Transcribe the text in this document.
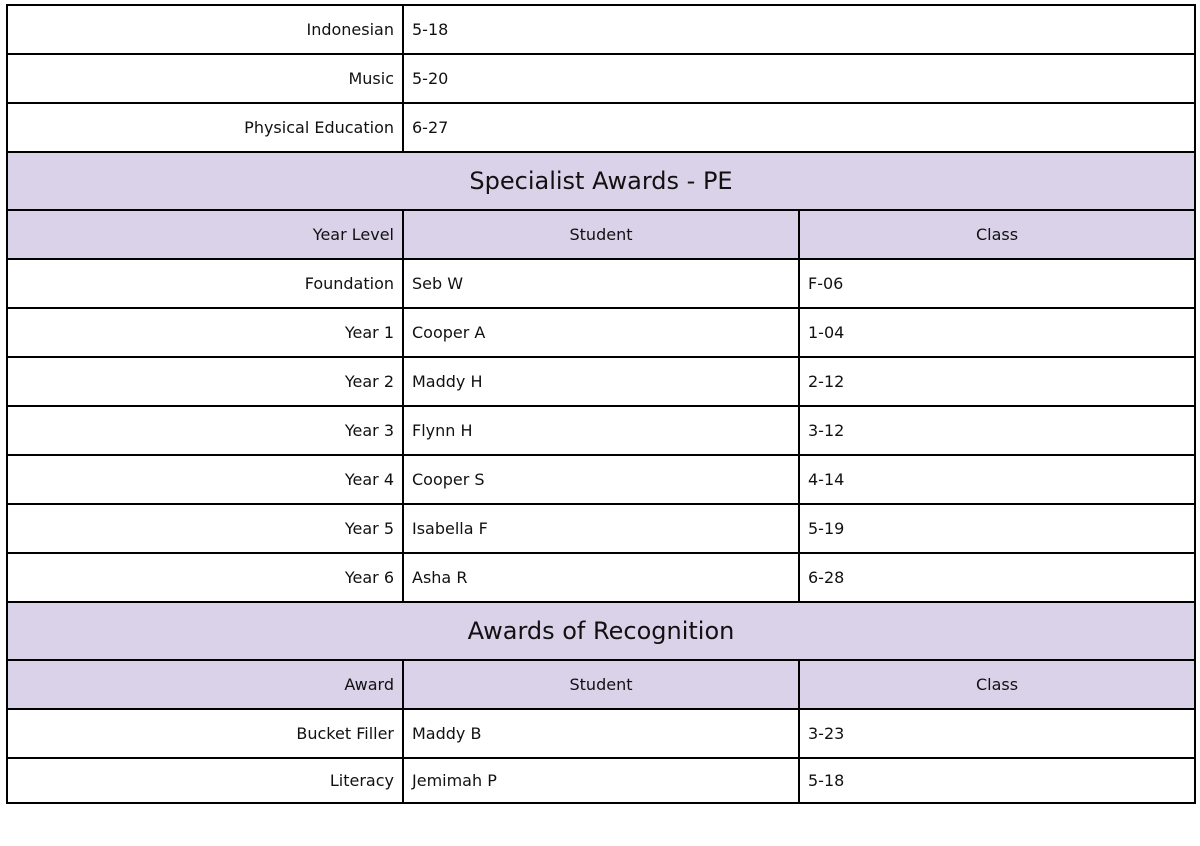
Indonesian	5-18	
Music	5-20	
Physical Education	6-27	
Specialist Awards - PE		
Year Level	Student	Class
Foundation	Seb W	F-06
Year 1	Cooper A	1-04
Year 2	Maddy H	2-12
Year 3	Flynn H	3-12
Year 4	Cooper S	4-14
Year 5	Isabella F	5-19
Year 6	Asha R	6-28
Awards of Recognition		
Award	Student	Class
Bucket Filler	Maddy B	3-23
Literacy	Jemimah P	5-18
